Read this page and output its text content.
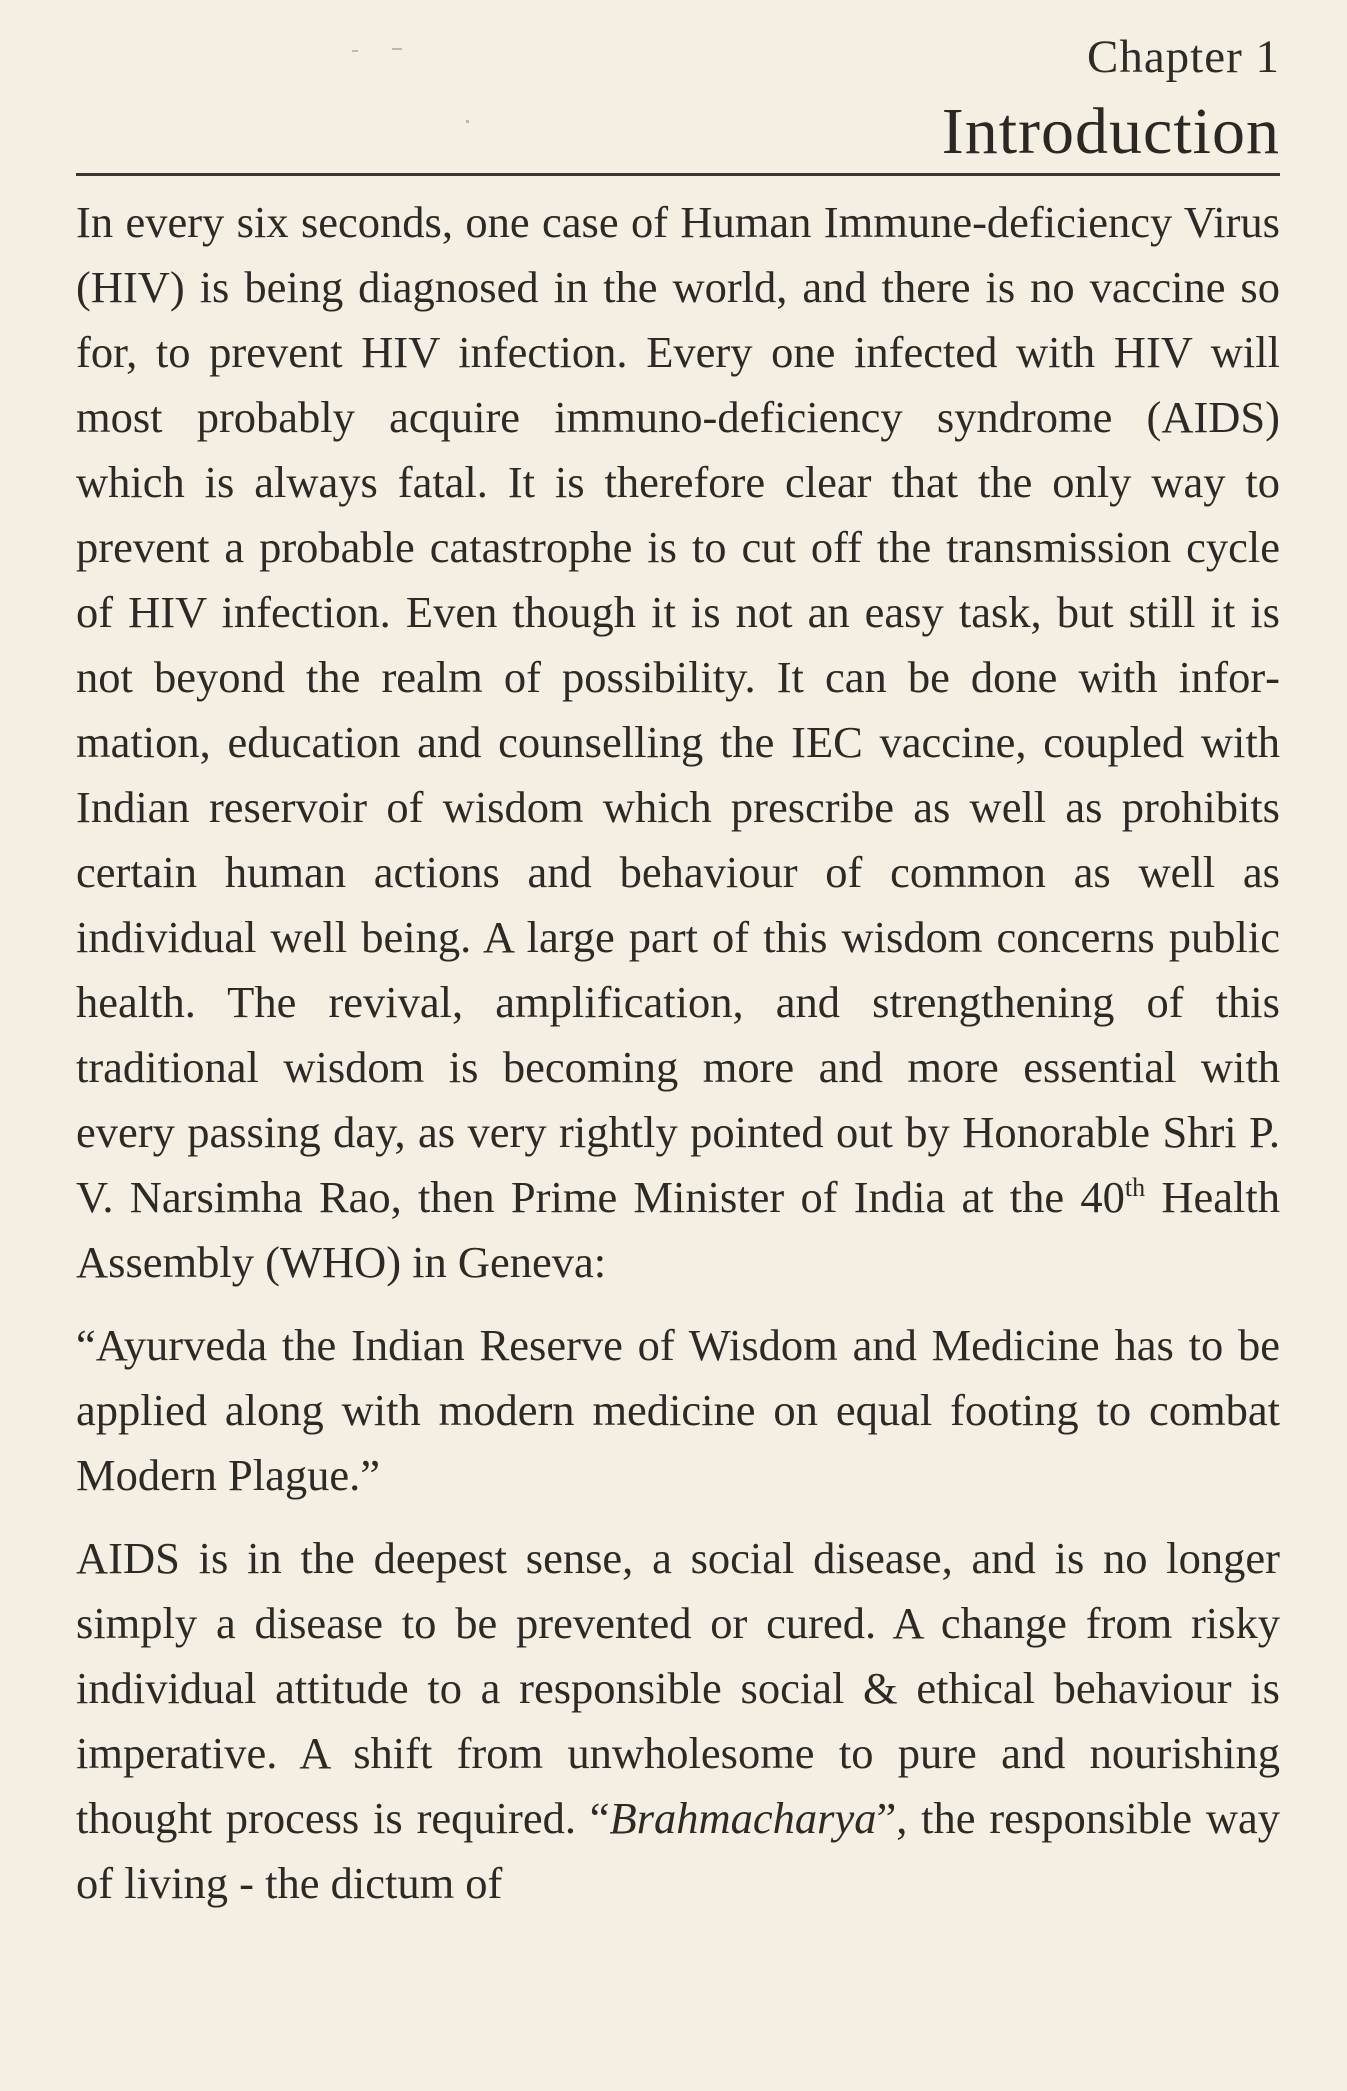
Chapter 1
Introduction

In every six seconds, one case of Human Immune-deficiency Virus (HIV) is being diagnosed in the world, and there is no vaccine so for, to prevent HIV infection. Every one infected with HIV will most probably acquire immuno-deficiency syndrome (AIDS) which is always fatal. It is therefore clear that the only way to prevent a probable catastrophe is to cut off the transmission cycle of HIV infection. Even though it is not an easy task, but still it is not beyond the realm of possibility. It can be done with information, education and counselling the IEC vaccine, coupled with Indian reservoir of wisdom which prescribe as well as prohibits certain human actions and behaviour of common as well as individual well being. A large part of this wisdom concerns public health. The revival, amplification, and strengthening of this traditional wisdom is becoming more and more essential with every passing day, as very rightly pointed out by Honorable Shri P. V. Narsimha Rao, then Prime Minister of India at the 40th Health Assembly (WHO) in Geneva:

“Ayurveda the Indian Reserve of Wisdom and Medicine has to be applied along with modern medicine on equal footing to combat Modern Plague.”

AIDS is in the deepest sense, a social disease, and is no longer simply a disease to be prevented or cured. A change from risky individual attitude to a responsible social & ethical behaviour is imperative. A shift from unwholesome to pure and nourishing thought process is required. “Brahmacharya”, the responsible way of living - the dictum of
